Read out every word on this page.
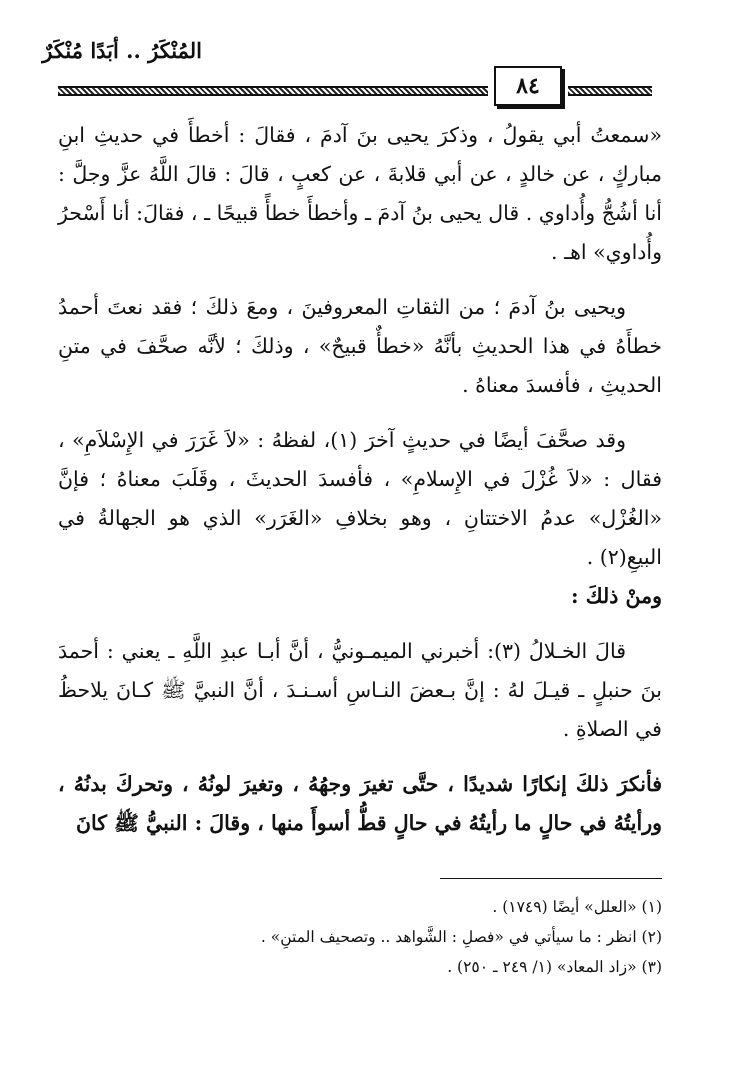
المُنْكَرُ .. أبَدًا مُنْكَرٌ
٨٤

«سمعتُ أبي يقولُ ، وذكرَ يحيى بنَ آدمَ ، فقالَ : أخطأَ في حديثِ ابنِ مباركٍ ، عن خالدٍ ، عن أبي قلابةَ ، عن كعبٍ ، قالَ : قالَ اللَّهُ عزَّ وجلَّ : أنا أشُجُّ وأُداوي . قال يحيى بنُ آدمَ ـ وأخطأَ خطأً قبيحًا ـ ، فقالَ: أنا أَسْحرُ وأُداوي» اهـ .

ويحيى بنُ آدمَ ؛ من الثقاتِ المعروفينَ ، ومعَ ذلكَ ؛ فقد نعتَ أحمدُ خطأَهُ في هذا الحديثِ بأنَّهُ «خطأٌ قبيحٌ» ، وذلكَ ؛ لأنَّه صحَّفَ في متنِ الحديثِ ، فأفسدَ معناهُ .

وقد صحَّفَ أيضًا في حديثٍ آخرَ (١)، لفظهُ : «لاَ غَرَرَ في الإِسْلاَمِ» ، فقال : «لاَ غُزْلَ في الإِسلامِ» ، فأفسدَ الحديثَ ، وقَلَبَ معناهُ ؛ فإنَّ «الغُزْل» عدمُ الاختتانِ ، وهو بخلافِ «الغَرَر» الذي هو الجهالةُ في البيعِ(٢) .

ومنْ ذلكَ :

قالَ الخـلالُ (٣): أخبرني الميمـونيُّ ، أنَّ أبـا عبدِ اللَّهِ ـ يعني : أحمدَ بنَ حنبلٍ ـ قيـلَ لهُ : إنَّ بـعضَ النـاسِ أسـنـدَ ، أنَّ النبيَّ ﷺ كـانَ يلاحظُ في الصلاةِ .

فأنكرَ ذلكَ إنكارًا شديدًا ، حتَّى تغيرَ وجهُهُ ، وتغيرَ لونُهُ ، وتحركَ بدنُهُ ، ورأيتُهُ في حالٍ ما رأيتُهُ في حالٍ قطُّ أسوأَ منها ، وقالَ : النبيُّ ﷺ كانَ

(١) «العلل» أيضًا (١٧٤٩) .
(٢) انظر : ما سيأتي في «فصلِ : الشَّواهد .. وتصحيف المتنِ» .
(٣) «زاد المعاد» (١/ ٢٤٩ ـ ٢٥٠) .
